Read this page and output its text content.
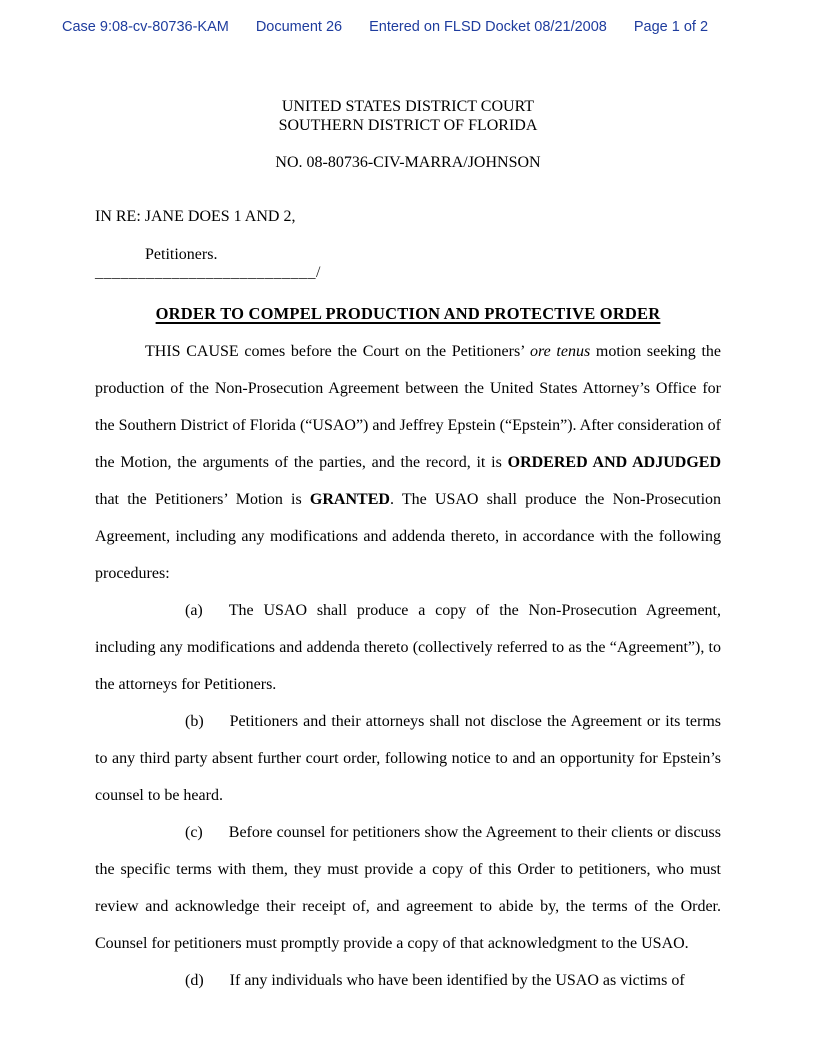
Case 9:08-cv-80736-KAM Document 26 Entered on FLSD Docket 08/21/2008 Page 1 of 2
UNITED STATES DISTRICT COURT
SOUTHERN DISTRICT OF FLORIDA
NO. 08-80736-CIV-MARRA/JOHNSON
IN RE: JANE DOES 1 AND 2,
Petitioners.
__________________________/
ORDER TO COMPEL PRODUCTION AND PROTECTIVE ORDER

THIS CAUSE comes before the Court on the Petitioners’ ore tenus motion seeking the production of the Non-Prosecution Agreement between the United States Attorney’s Office for the Southern District of Florida (“USAO”) and Jeffrey Epstein (“Epstein”). After consideration of the Motion, the arguments of the parties, and the record, it is ORDERED AND ADJUDGED that the Petitioners’ Motion is GRANTED. The USAO shall produce the Non-Prosecution Agreement, including any modifications and addenda thereto, in accordance with the following procedures:

(a) The USAO shall produce a copy of the Non-Prosecution Agreement, including any modifications and addenda thereto (collectively referred to as the “Agreement”), to the attorneys for Petitioners.

(b) Petitioners and their attorneys shall not disclose the Agreement or its terms to any third party absent further court order, following notice to and an opportunity for Epstein’s counsel to be heard.

(c) Before counsel for petitioners show the Agreement to their clients or discuss the specific terms with them, they must provide a copy of this Order to petitioners, who must review and acknowledge their receipt of, and agreement to abide by, the terms of the Order. Counsel for petitioners must promptly provide a copy of that acknowledgment to the USAO.

(d) If any individuals who have been identified by the USAO as victims of
